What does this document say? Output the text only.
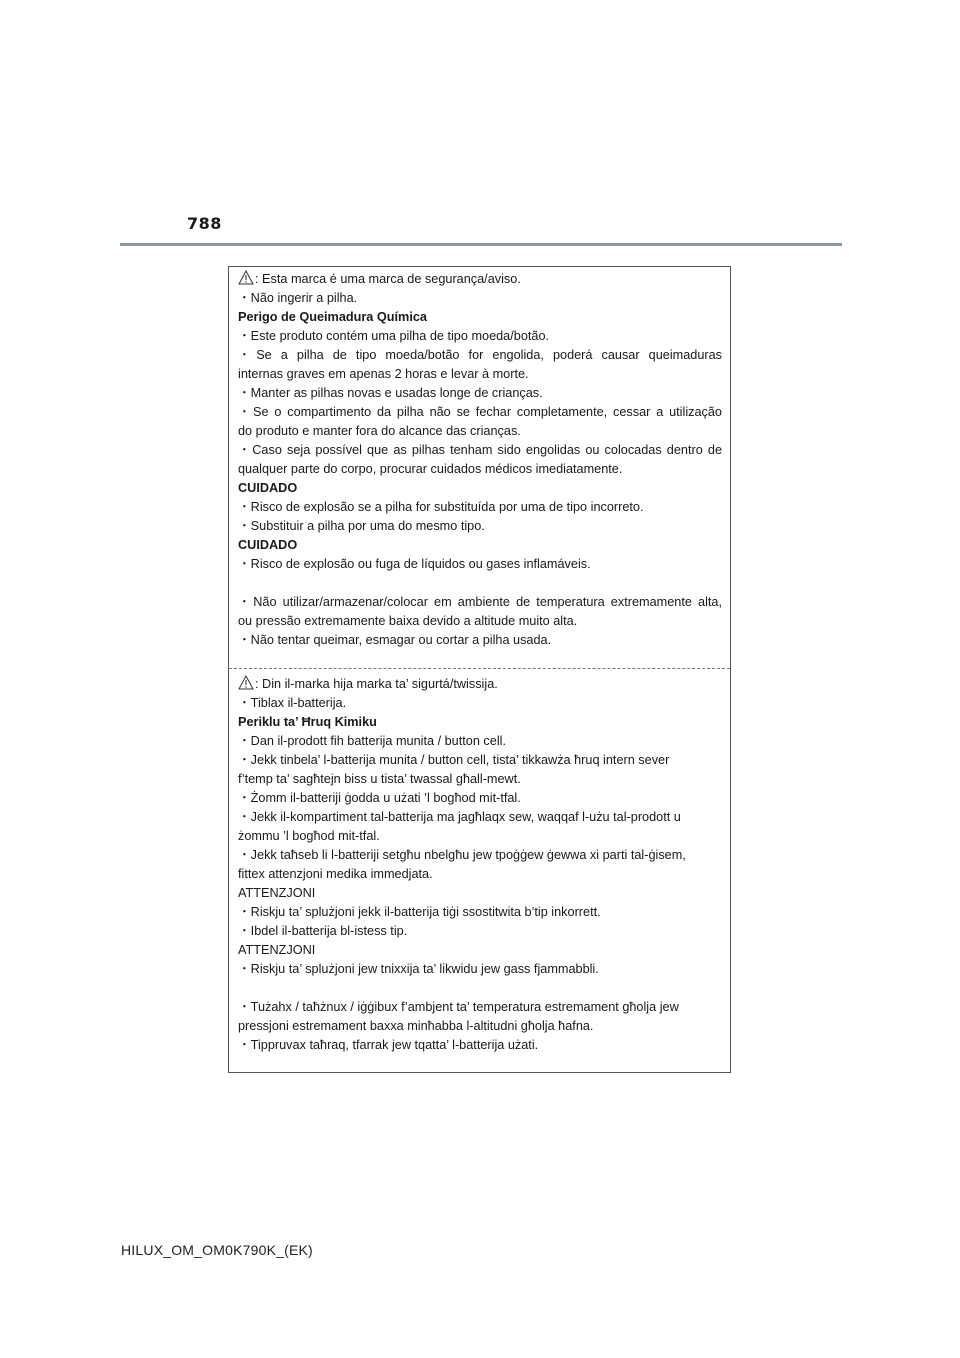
788
: Esta marca é uma marca de segurança/aviso.
・Não ingerir a pilha.
Perigo de Queimadura Química
・Este produto contém uma pilha de tipo moeda/botão.
・Se a pilha de tipo moeda/botão for engolida, poderá causar queimaduras
internas graves em apenas 2 horas e levar à morte.
・Manter as pilhas novas e usadas longe de crianças.
・Se o compartimento da pilha não se fechar completamente, cessar a utilização
do produto e manter fora do alcance das crianças.
・Caso seja possível que as pilhas tenham sido engolidas ou colocadas dentro de
qualquer parte do corpo, procurar cuidados médicos imediatamente.
CUIDADO
・Risco de explosão se a pilha for substituída por uma de tipo incorreto.
・Substituir a pilha por uma do mesmo tipo.
CUIDADO
・Risco de explosão ou fuga de líquidos ou gases inflamáveis.
・Não utilizar/armazenar/colocar em ambiente de temperatura extremamente alta,
ou pressão extremamente baixa devido a altitude muito alta.
・Não tentar queimar, esmagar ou cortar a pilha usada.
: Din il-marka hija marka ta’ sigurtá/twissija.
・Tiblax il-batterija.
Periklu ta’ Ħruq Kimiku
・Dan il-prodott fih batterija munita / button cell.
・Jekk tinbela’ l-batterija munita / button cell, tista’ tikkawża ħruq intern sever
f’temp ta’ sagħtejn biss u tista’ twassal għall-mewt.
・Żomm il-batteriji ġodda u użati ’l bogħod mit-tfal.
・Jekk il-kompartiment tal-batterija ma jagħlaqx sew, waqqaf l-użu tal-prodott u
żommu ’l bogħod mit-tfal.
・Jekk taħseb li l-batteriji setgħu nbelgħu jew tpoġġew ġewwa xi parti tal-ġisem,
fittex attenzjoni medika immedjata.
ATTENZJONI
・Riskju ta’ splużjoni jekk il-batterija tiġi ssostitwita b’tip inkorrett.
・Ibdel il-batterija bl-istess tip.
ATTENZJONI
・Riskju ta’ splużjoni jew tnixxija ta’ likwidu jew gass fjammabbli.
・Tużahx / taħżnux / iġġibux f’ambjent ta’ temperatura estremament għolja jew
pressjoni estremament baxxa minħabba l-altitudni għolja ħafna.
・Tippruvax taħraq, tfarrak jew tqatta’ l-batterija użati.
HILUX_OM_OM0K790K_(EK)
